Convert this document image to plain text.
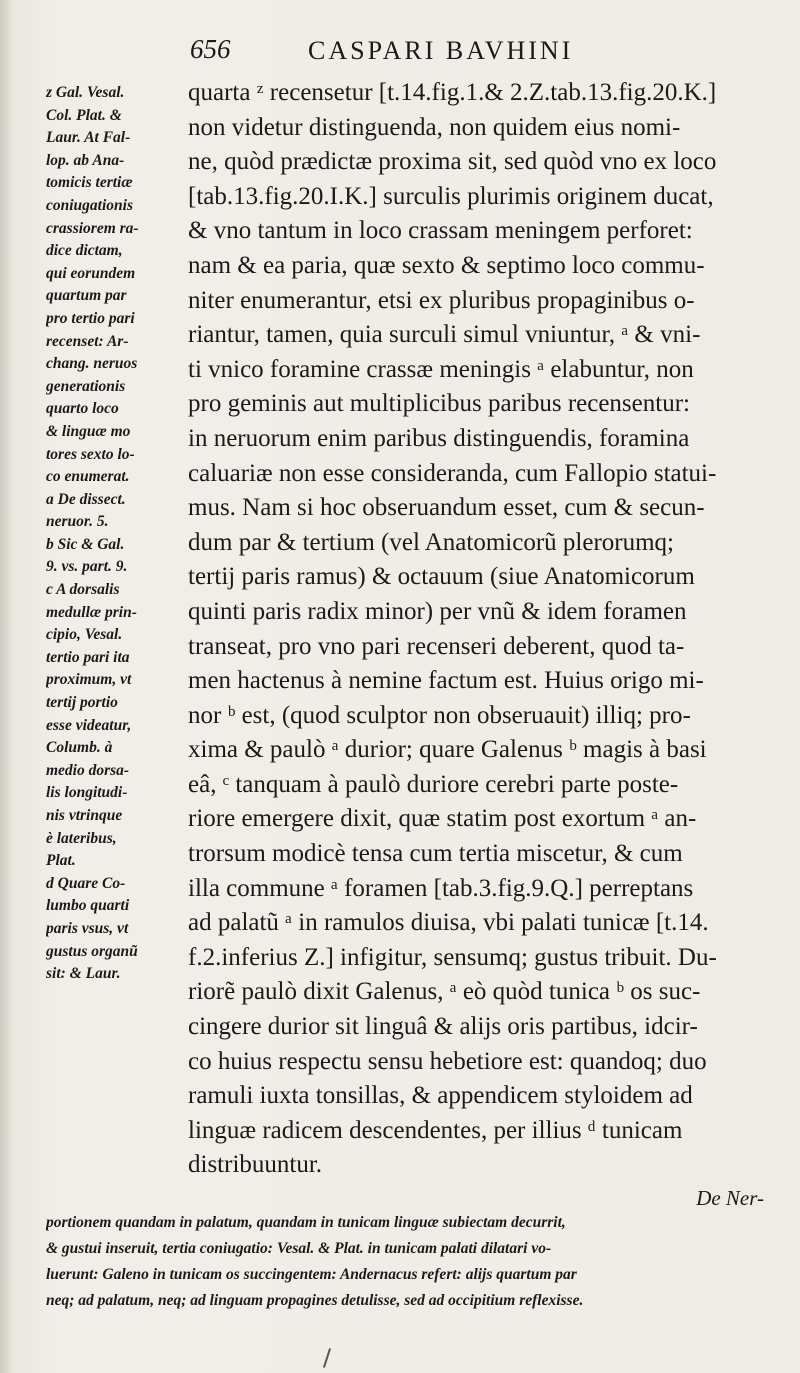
656	CASPARI BAVHINI
z Gal. Vesal.
Col. Plat. &
Laur. At Fal-
lop. ab Ana-
tomicis tertiæ
coniugationis
crassiorem ra-
dice dictam,
qui eorundem
quartum par
pro tertio pari
recenset: Ar-
chang. neruos
generationis
quarto loco
& linguæ mo
tores sexto lo-
co enumerat.
a De dissect.
neruor. 5.
b Sic & Gal.
9. vs. part. 9.
c A dorsalis
medullæ prin-
cipio, Vesal.
tertio pari ita
proximum, vt
tertij portio
esse videatur,
Columb. à
medio dorsa-
lis longitudi-
nis vtrinque
è lateribus,
Plat.
d Quare Co-
lumbo quarti
paris vsus, vt
gustus organũ
sit: & Laur.
quarta ᶻ recensetur [t.14.fig.1.& 2.Z.tab.13.fig.20.K.]
non videtur distinguenda, non quidem eius nomi-
ne, quòd prædictæ proxima sit, sed quòd vno ex loco
[tab.13.fig.20.I.K.] surculis plurimis originem ducat,
& vno tantum in loco crassam meningem perforet:
nam & ea paria, quæ sexto & septimo loco commu-
niter enumerantur, etsi ex pluribus propaginibus o-
riantur, tamen, quia surculi simul vniuntur, ᵃ & vni-
ti vnico foramine crassæ meningis ᵃ elabuntur, non
pro geminis aut multiplicibus paribus recensentur:
in neruorum enim paribus distinguendis, foramina
caluariæ non esse consideranda, cum Fallopio statui-
mus. Nam si hoc obseruandum esset, cum & secun-
dum par & tertium (vel Anatomicorũ plerorumq;
tertij paris ramus) & octauum (siue Anatomicorum
quinti paris radix minor) per vnũ & idem foramen
transeat, pro vno pari recenseri deberent, quod ta-
men hactenus à nemine factum est. Huius origo mi-
nor ᵇ est, (quod sculptor non obseruauit) illiq; pro-
xima & paulò ᵃ durior; quare Galenus ᵇ magis à basi
eâ, ᶜ tanquam à paulò duriore cerebri parte poste-
riore emergere dixit, quæ statim post exortum ᵃ an-
trorsum modicè tensa cum tertia miscetur, & cum
illa commune ᵃ foramen [tab.3.fig.9.Q.] perreptans
ad palatũ ᵃ in ramulos diuisa, vbi palati tunicæ [t.14.
f.2.inferius Z.] infigitur, sensumq; gustus tribuit. Du-
riorẽ paulò dixit Galenus, ᵃ eò quòd tunica ᵇ os suc-
cingere durior sit linguâ & alijs oris partibus, idcir-
co huius respectu sensu hebetiore est: quandoq; duo
ramuli iuxta tonsillas, & appendicem styloidem ad
linguæ radicem descendentes, per illius ᵈ tunicam
distribuuntur.
De Ner-
portionem quandam in palatum, quandam in tunicam linguæ subiectam decurrit,
& gustui inseruit, tertia coniugatio: Vesal. & Plat. in tunicam palati dilatari vo-
luerunt: Galeno in tunicam os succingentem: Andernacus refert: alijs quartum par
neq; ad palatum, neq; ad linguam propagines detulisse, sed ad occipitium reflexisse.
